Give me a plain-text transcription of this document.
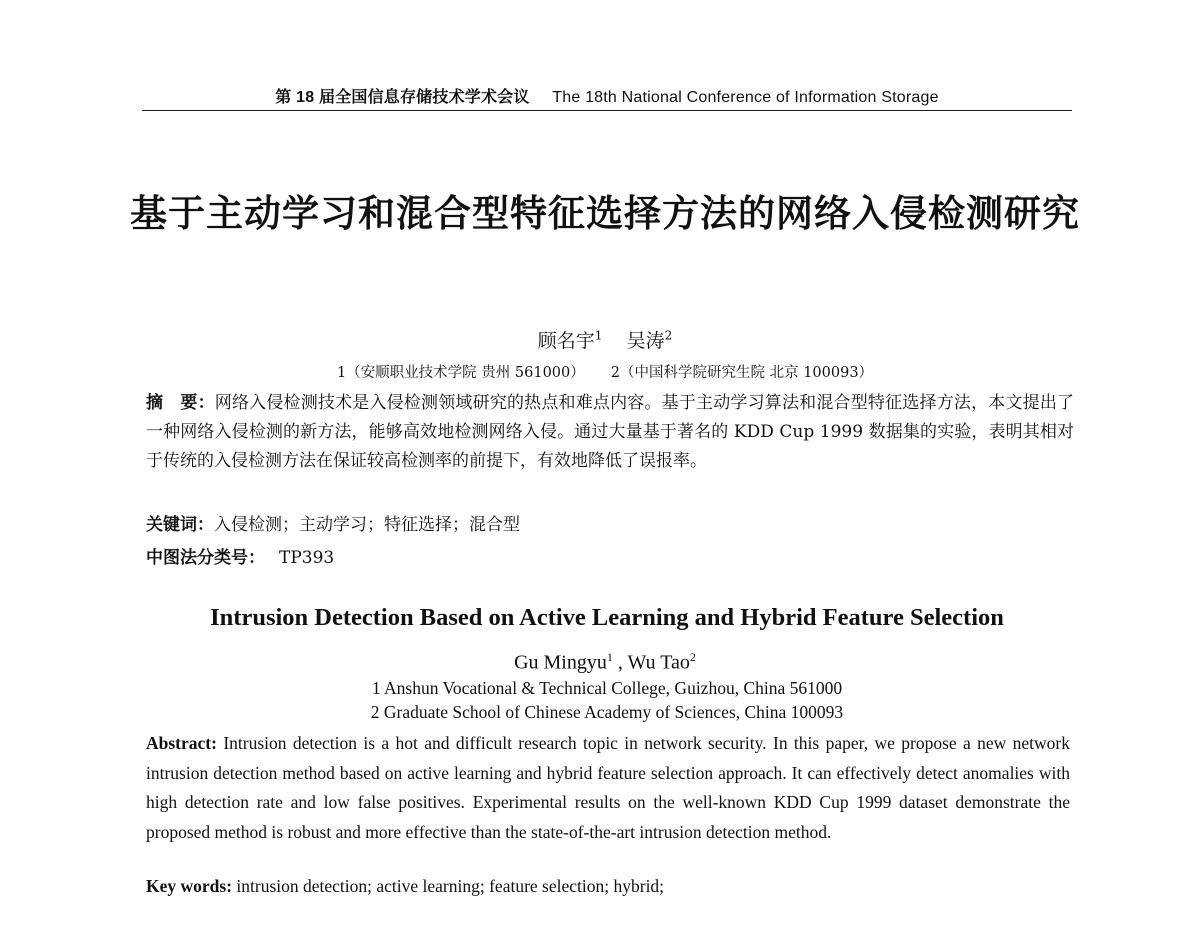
第 18 届全国信息存储技术学术会议 The 18th National Conference of Information Storage
基于主动学习和混合型特征选择方法的网络入侵检测研究
顾名宇$^1$ 吴涛$^2$
1（安顺职业技术学院 贵州 561000） 2（中国科学院研究生院 北京 100093）
摘　要：网络入侵检测技术是入侵检测领域研究的热点和难点内容。基于主动学习算法和混合型特征选择方法，本文提出了一种网络入侵检测的新方法，能够高效地检测网络入侵。通过大量基于著名的 KDD Cup 1999 数据集的实验，表明其相对于传统的入侵检测方法在保证较高检测率的前提下，有效地降低了误报率。
关键词：入侵检测；主动学习；特征选择；混合型
中图法分类号： TP393
Intrusion Detection Based on Active Learning and Hybrid Feature Selection
Gu Mingyu$^1$ , Wu Tao$^2$
1 Anshun Vocational & Technical College, Guizhou, China 561000
2 Graduate School of Chinese Academy of Sciences, China 100093
Abstract: Intrusion detection is a hot and difficult research topic in network security. In this paper, we propose a new network intrusion detection method based on active learning and hybrid feature selection approach. It can effectively detect anomalies with high detection rate and low false positives. Experimental results on the well-known KDD Cup 1999 dataset demonstrate the proposed method is robust and more effective than the state-of-the-art intrusion detection method.
Key words: intrusion detection; active learning; feature selection; hybrid;
